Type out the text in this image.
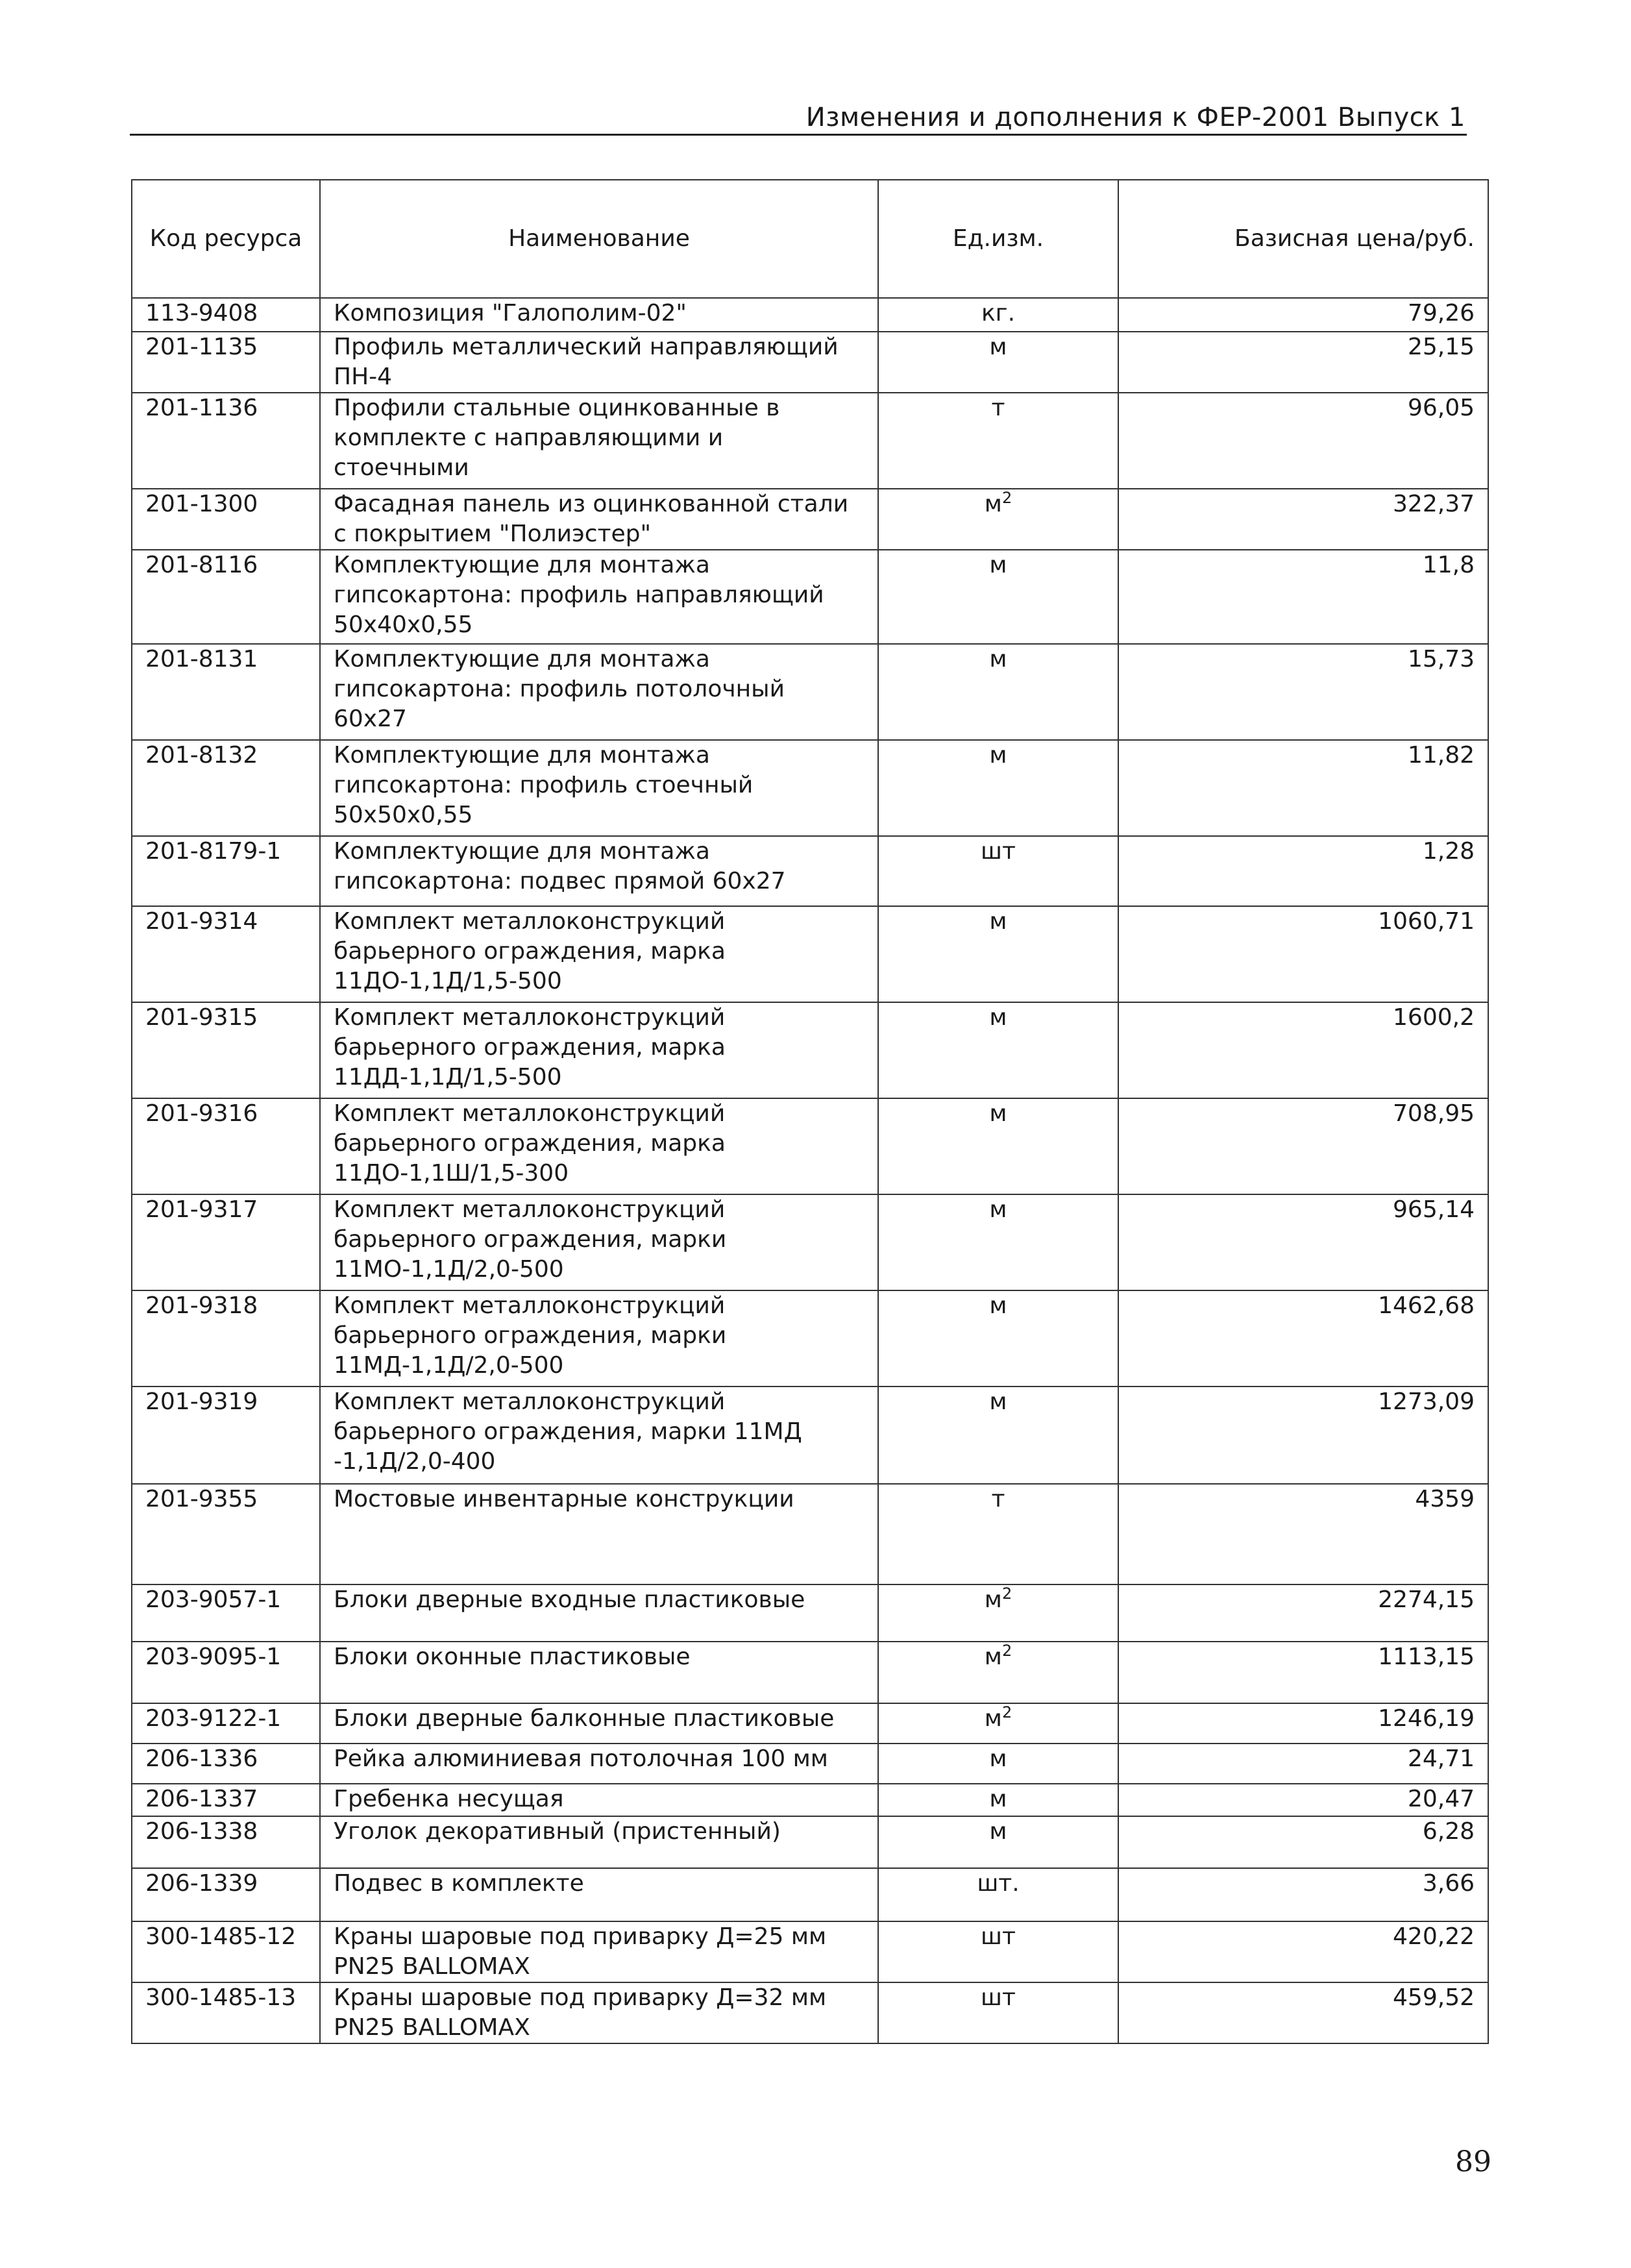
Изменения и дополнения к ФЕР-2001 Выпуск 1
Код ресурса	Наименование	Ед.изм.	Базисная цена/руб.
113-9408	Композиция "Галополим-02"	кг.	79,26
201-1135	Профиль металлический направляющий ПН-4	м	25,15
201-1136	Профили стальные оцинкованные в комплекте с направляющими и стоечными	т	96,05
201-1300	Фасадная панель из оцинкованной стали с покрытием "Полиэстер"	$м^2$	322,37
201-8116	Комплектующие для монтажа гипсокартона: профиль направляющий 50х40х0,55	м	11,8
201-8131	Комплектующие для монтажа гипсокартона: профиль потолочный 60х27	м	15,73
201-8132	Комплектующие для монтажа гипсокартона: профиль стоечный 50х50х0,55	м	11,82
201-8179-1	Комплектующие для монтажа гипсокартона: подвес прямой 60х27	шт	1,28
201-9314	Комплект металлоконструкций барьерного ограждения, марка 11ДО-1,1Д/1,5-500	м	1060,71
201-9315	Комплект металлоконструкций барьерного ограждения, марка 11ДД-1,1Д/1,5-500	м	1600,2
201-9316	Комплект металлоконструкций барьерного ограждения, марка 11ДО-1,1Ш/1,5-300	м	708,95
201-9317	Комплект металлоконструкций барьерного ограждения, марки 11МО-1,1Д/2,0-500	м	965,14
201-9318	Комплект металлоконструкций барьерного ограждения, марки 11МД-1,1Д/2,0-500	м	1462,68
201-9319	Комплект металлоконструкций барьерного ограждения, марки 11МД -1,1Д/2,0-400	м	1273,09
201-9355	Мостовые инвентарные конструкции	т	4359
203-9057-1	Блоки дверные входные пластиковые	$м^2$	2274,15
203-9095-1	Блоки оконные пластиковые	$м^2$	1113,15
203-9122-1	Блоки дверные балконные пластиковые	$м^2$	1246,19
206-1336	Рейка алюминиевая потолочная 100 мм	м	24,71
206-1337	Гребенка несущая	м	20,47
206-1338	Уголок декоративный (пристенный)	м	6,28
206-1339	Подвес в комплекте	шт.	3,66
300-1485-12	Краны шаровые под приварку Д=25 мм PN25 BALLOMAX	шт	420,22
300-1485-13	Краны шаровые под приварку Д=32 мм PN25 BALLOMAX	шт	459,52
89
